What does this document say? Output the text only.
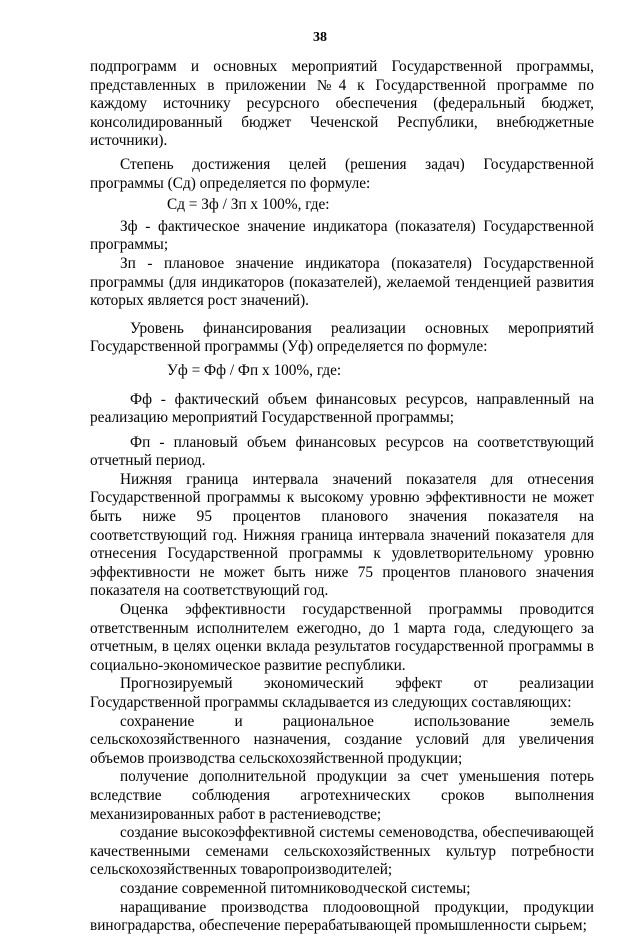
38

подпрограмм и основных мероприятий Государственной программы, представленных в приложении №4 к Государственной программе по каждому источнику ресурсного обеспечения (федеральный бюджет, консолидированный бюджет Чеченской Республики, внебюджетные источники).

Степень достижения целей (решения задач) Государственной программы (Сд) определяется по формуле:

Сд = Зф / Зп х 100%, где:

Зф - фактическое значение индикатора (показателя) Государственной программы;

Зп - плановое значение индикатора (показателя) Государственной программы (для индикаторов (показателей), желаемой тенденцией развития которых является рост значений).

Уровень финансирования реализации основных мероприятий Государственной программы (Уф) определяется по формуле:

Уф = Фф / Фп х 100%, где:

Фф - фактический объем финансовых ресурсов, направленный на реализацию мероприятий Государственной программы;

Фп - плановый объем финансовых ресурсов на соответствующий отчетный период.

Нижняя граница интервала значений показателя для отнесения Государственной программы к высокому уровню эффективности не может быть ниже 95 процентов планового значения показателя на соответствующий год. Нижняя граница интервала значений показателя для отнесения Государственной программы к удовлетворительному уровню эффективности не может быть ниже 75 процентов планового значения показателя на соответствующий год.

Оценка эффективности государственной программы проводится ответственным исполнителем ежегодно, до 1 марта года, следующего за отчетным, в целях оценки вклада результатов государственной программы в социально-экономическое развитие республики.

Прогнозируемый экономический эффект от реализации Государственной программы складывается из следующих составляющих:

сохранение и рациональное использование земель сельскохозяйственного назначения, создание условий для увеличения объемов производства сельскохозяйственной продукции;

получение дополнительной продукции за счет уменьшения потерь вследствие соблюдения агротехнических сроков выполнения механизированных работ в растениеводстве;

создание высокоэффективной системы семеноводства, обеспечивающей качественными семенами сельскохозяйственных культур потребности сельскохозяйственных товаропроизводителей;

создание современной питомниководческой системы;

наращивание производства плодоовощной продукции, продукции виноградарства, обеспечение перерабатывающей промышленности сырьем;
